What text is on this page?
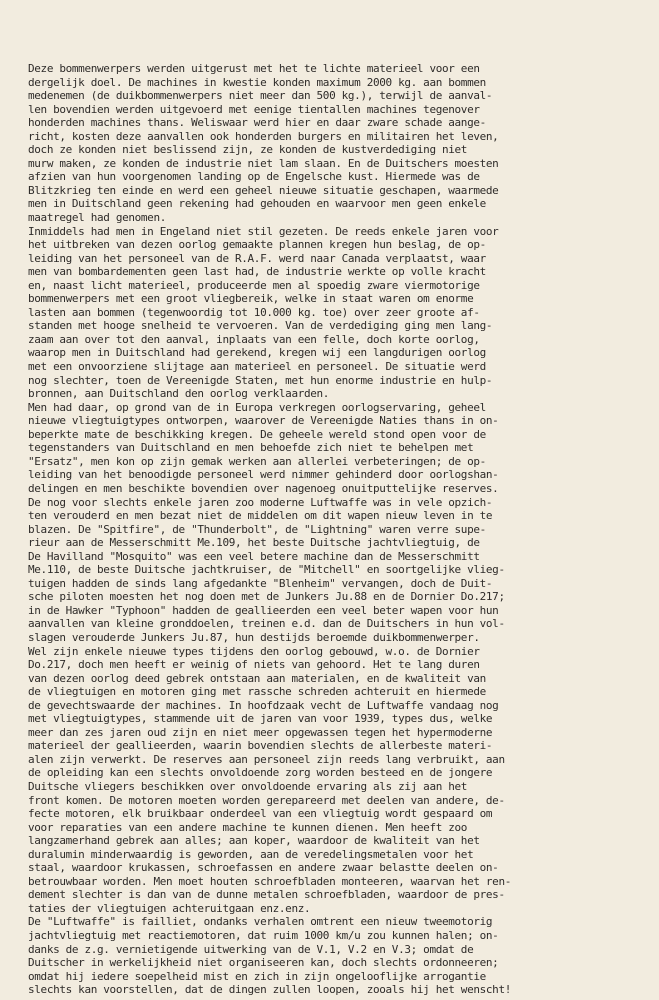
Deze bommenwerpers werden uitgerust met het te lichte materieel voor een
dergelijk doel. De machines in kwestie konden maximum 2000 kg. aan bommen
medenemen (de duikbommenwerpers niet meer dan 500 kg.), terwijl de aanval-
len bovendien werden uitgevoerd met eenige tientallen machines tegenover
honderden machines thans. Weliswaar werd hier en daar zware schade aange-
richt, kosten deze aanvallen ook honderden burgers en militairen het leven,
doch ze konden niet beslissend zijn, ze konden de kustverdediging niet
murw maken, ze konden de industrie niet lam slaan. En de Duitschers moesten
afzien van hun voorgenomen landing op de Engelsche kust. Hiermede was de
Blitzkrieg ten einde en werd een geheel nieuwe situatie geschapen, waarmede
men in Duitschland geen rekening had gehouden en waarvoor men geen enkele
maatregel had genomen.
Inmiddels had men in Engeland niet stil gezeten. De reeds enkele jaren voor
het uitbreken van dezen oorlog gemaakte plannen kregen hun beslag, de op-
leiding van het personeel van de R.A.F. werd naar Canada verplaatst, waar
men van bombardementen geen last had, de industrie werkte op volle kracht
en, naast licht materieel, produceerde men al spoedig zware viermotorige
bommenwerpers met een groot vliegbereik, welke in staat waren om enorme
lasten aan bommen (tegenwoordig tot 10.000 kg. toe) over zeer groote af-
standen met hooge snelheid te vervoeren. Van de verdediging ging men lang-
zaam aan over tot den aanval, inplaats van een felle, doch korte oorlog,
waarop men in Duitschland had gerekend, kregen wij een langdurigen oorlog
met een onvoorziene slijtage aan materieel en personeel. De situatie werd
nog slechter, toen de Vereenigde Staten, met hun enorme industrie en hulp-
bronnen, aan Duitschland den oorlog verklaarden.
Men had daar, op grond van de in Europa verkregen oorlogservaring, geheel
nieuwe vliegtuigtypes ontworpen, waarover de Vereenigde Naties thans in on-
beperkte mate de beschikking kregen. De geheele wereld stond open voor de
tegenstanders van Duitschland en men behoefde zich niet te behelpen met
"Ersatz", men kon op zijn gemak werken aan allerlei verbeteringen; de op-
leiding van het benoodigde personeel werd nimmer gehinderd door oorlogshan-
delingen en men beschikte bovendien over nagenoeg onuitputtelijke reserves.
De nog voor slechts enkele jaren zoo moderne Luftwaffe was in vele opzich-
ten verouderd en men bezat niet de middelen om dit wapen nieuw leven in te
blazen. De "Spitfire", de "Thunderbolt", de "Lightning" waren verre supe-
rieur aan de Messerschmitt Me.109, het beste Duitsche jachtvliegtuig, de
De Havilland "Mosquito" was een veel betere machine dan de Messerschmitt
Me.110, de beste Duitsche jachtkruiser, de "Mitchell" en soortgelijke vlieg-
tuigen hadden de sinds lang afgedankte "Blenheim" vervangen, doch de Duit-
sche piloten moesten het nog doen met de Junkers Ju.88 en de Dornier Do.217;
in de Hawker "Typhoon" hadden de geallieerden een veel beter wapen voor hun
aanvallen van kleine gronddoelen, treinen e.d. dan de Duitschers in hun vol-
slagen verouderde Junkers Ju.87, hun destijds beroemde duikbommenwerper.
Wel zijn enkele nieuwe types tijdens den oorlog gebouwd, w.o. de Dornier
Do.217, doch men heeft er weinig of niets van gehoord. Het te lang duren
van dezen oorlog deed gebrek ontstaan aan materialen, en de kwaliteit van
de vliegtuigen en motoren ging met rassche schreden achteruit en hiermede
de gevechtswaarde der machines. In hoofdzaak vecht de Luftwaffe vandaag nog
met vliegtuigtypes, stammende uit de jaren van voor 1939, types dus, welke
meer dan zes jaren oud zijn en niet meer opgewassen tegen het hypermoderne
materieel der geallieerden, waarin bovendien slechts de allerbeste materi-
alen zijn verwerkt. De reserves aan personeel zijn reeds lang verbruikt, aan
de opleiding kan een slechts onvoldoende zorg worden besteed en de jongere
Duitsche vliegers beschikken over onvoldoende ervaring als zij aan het
front komen. De motoren moeten worden gerepareerd met deelen van andere, de-
fecte motoren, elk bruikbaar onderdeel van een vliegtuig wordt gespaard om
voor reparaties van een andere machine te kunnen dienen. Men heeft zoo
langzamerhand gebrek aan alles; aan koper, waardoor de kwaliteit van het
duralumin minderwaardig is geworden, aan de veredelingsmetalen voor het
staal, waardoor krukassen, schroefassen en andere zwaar belastte deelen on-
betrouwbaar worden. Men moet houten schroefbladen monteeren, waarvan het ren-
dement slechter is dan van de dunne metalen schroefbladen, waardoor de pres-
taties der vliegtuigen achteruitgaan enz.enz.
De "Luftwaffe" is failliet, ondanks verhalen omtrent een nieuw tweemotorig
jachtvliegtuig met reactiemotoren, dat ruim 1000 km/u zou kunnen halen; on-
danks de z.g. vernietigende uitwerking van de V.1, V.2 en V.3; omdat de
Duitscher in werkelijkheid niet organiseeren kan, doch slechts ordonneeren;
omdat hij iedere soepelheid mist en zich in zijn ongelooflijke arrogantie
slechts kan voorstellen, dat de dingen zullen loopen, zooals hij het wenscht!
